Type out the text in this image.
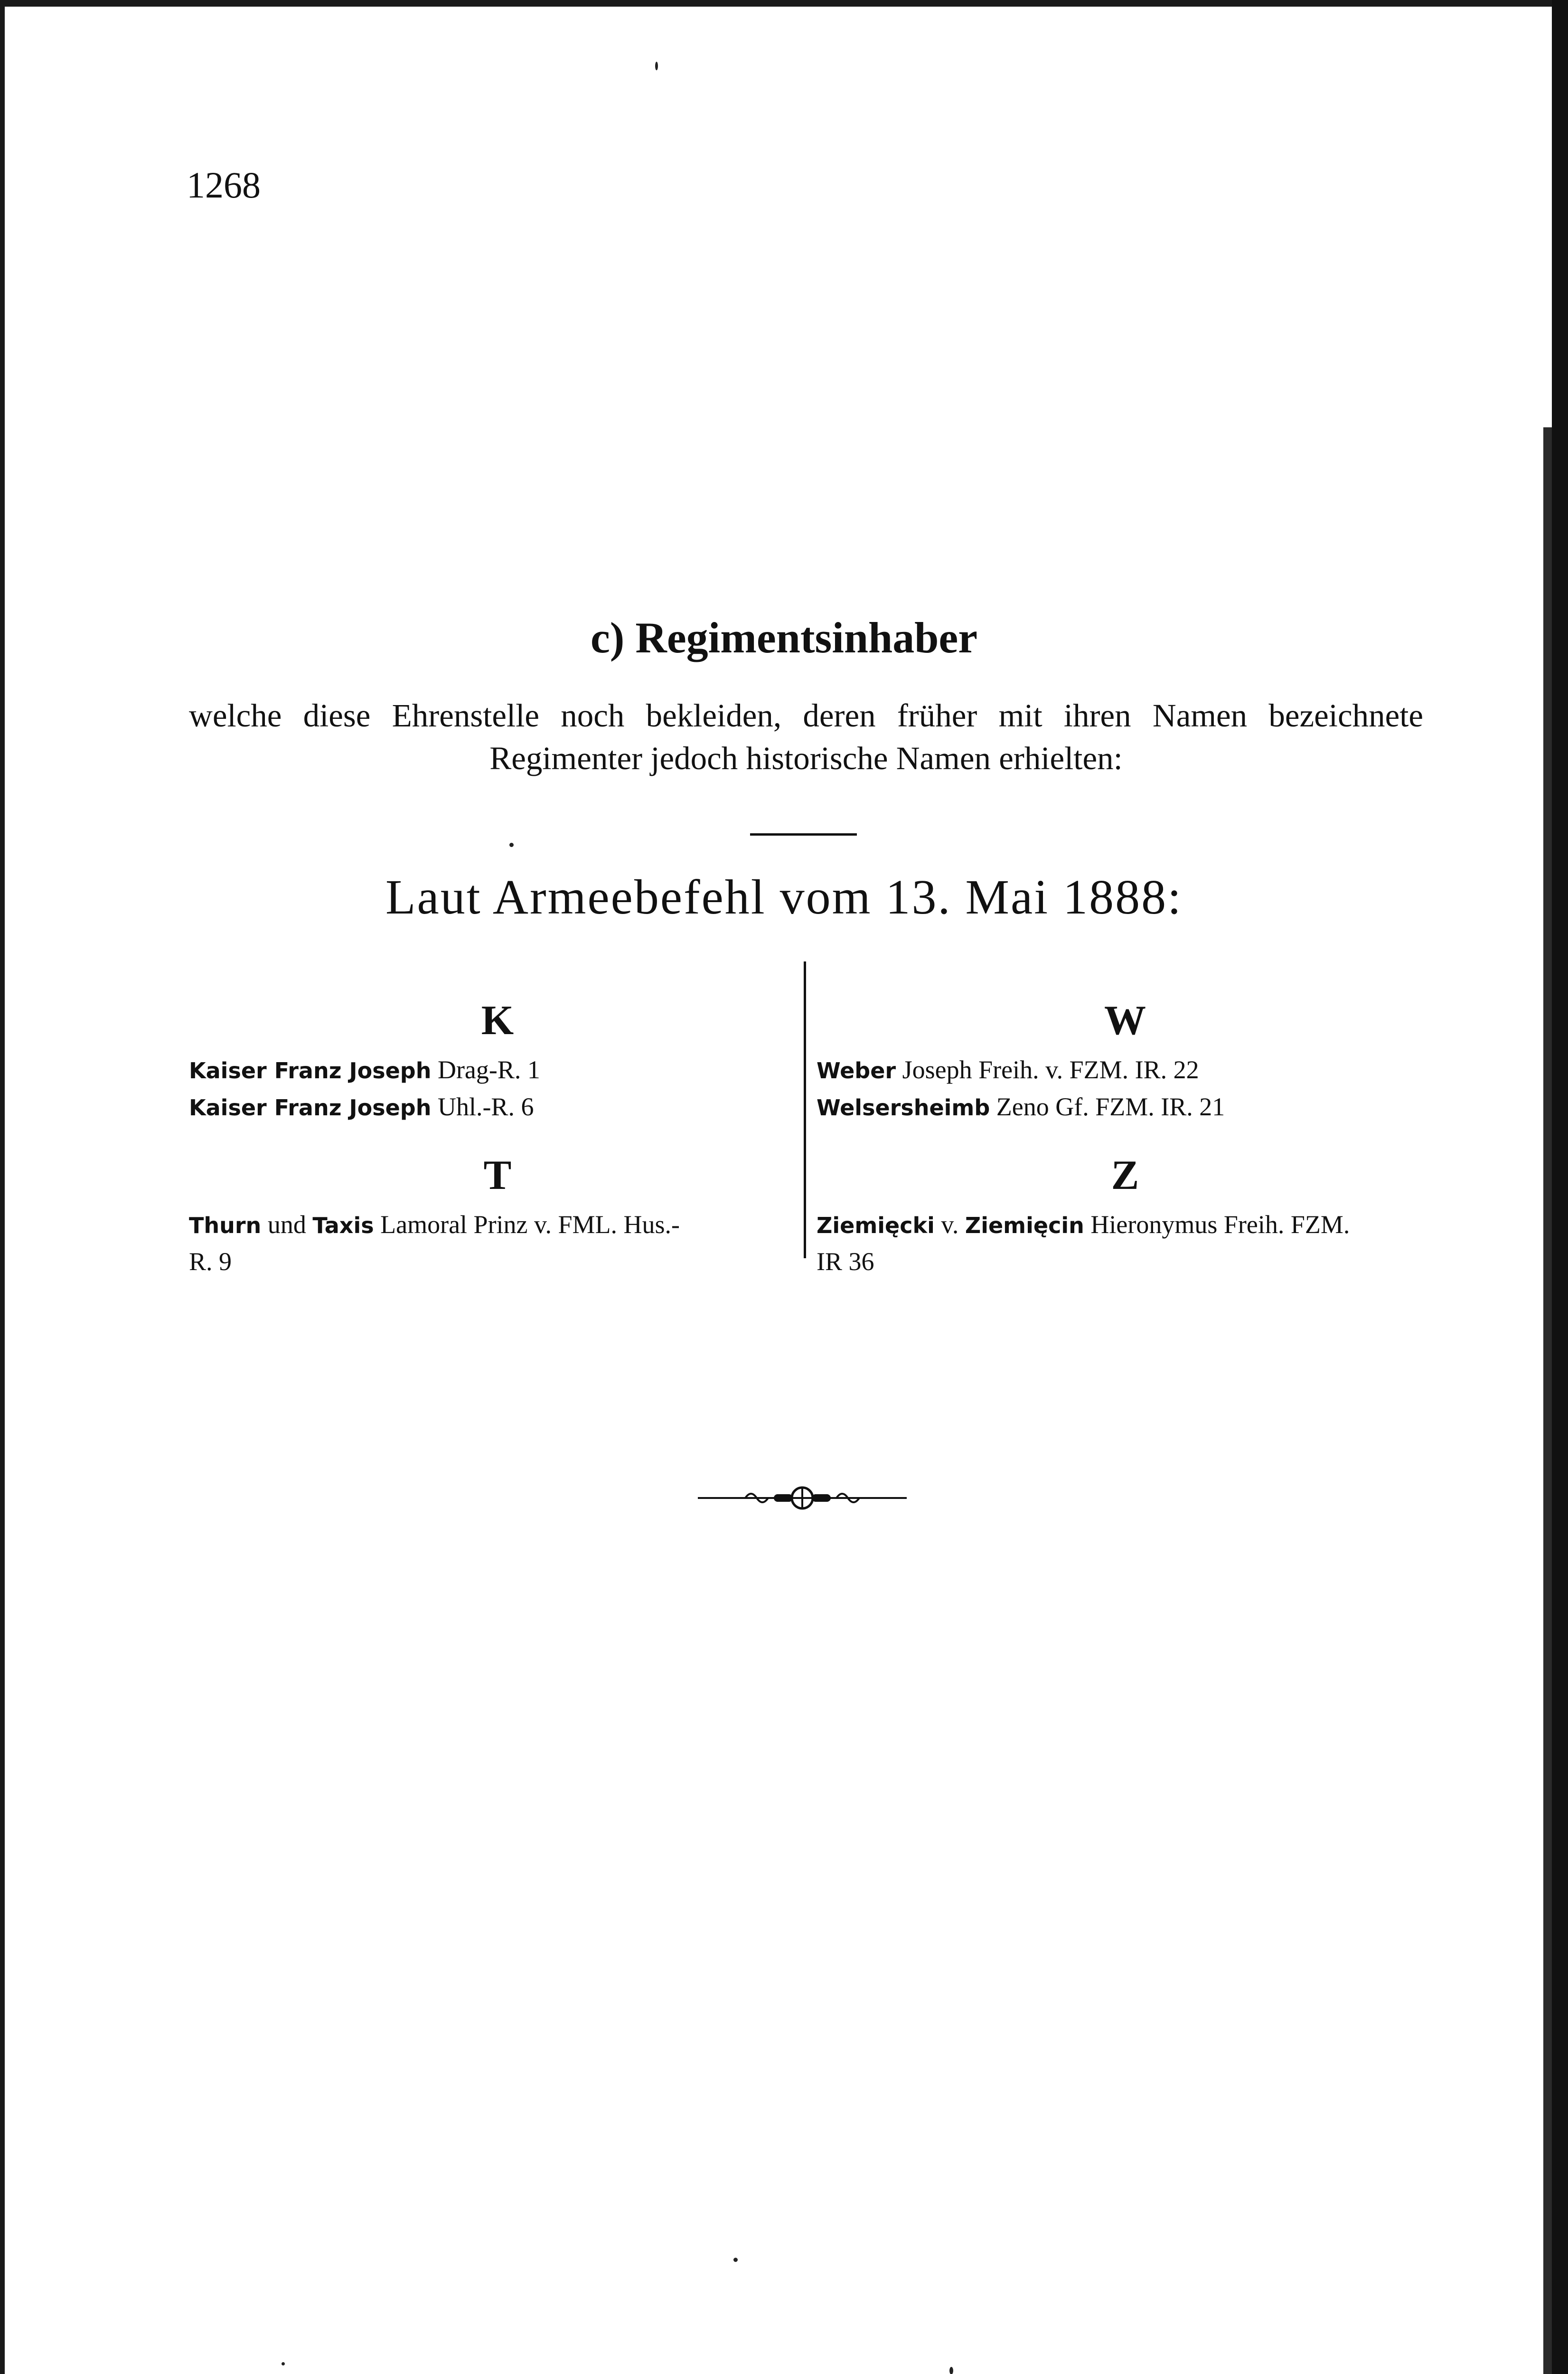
1268
c) Regimentsinhaber
welche diese Ehrenstelle noch bekleiden, deren früher mit ihren Namen bezeichnete Regimenter jedoch historische Namen erhielten:
Laut Armeebefehl vom 13. Mai 1888:
K
Kaiser Franz Joseph Drag-R. 1
Kaiser Franz Joseph Uhl.-R. 6
T
Thurn und Taxis Lamoral Prinz v. FML. Hus.-
R. 9
W
Weber Joseph Freih. v. FZM. IR. 22
Welsersheimb Zeno Gf. FZM. IR. 21
Z
Ziemięcki v. Ziemięcin Hieronymus Freih. FZM.
IR 36
